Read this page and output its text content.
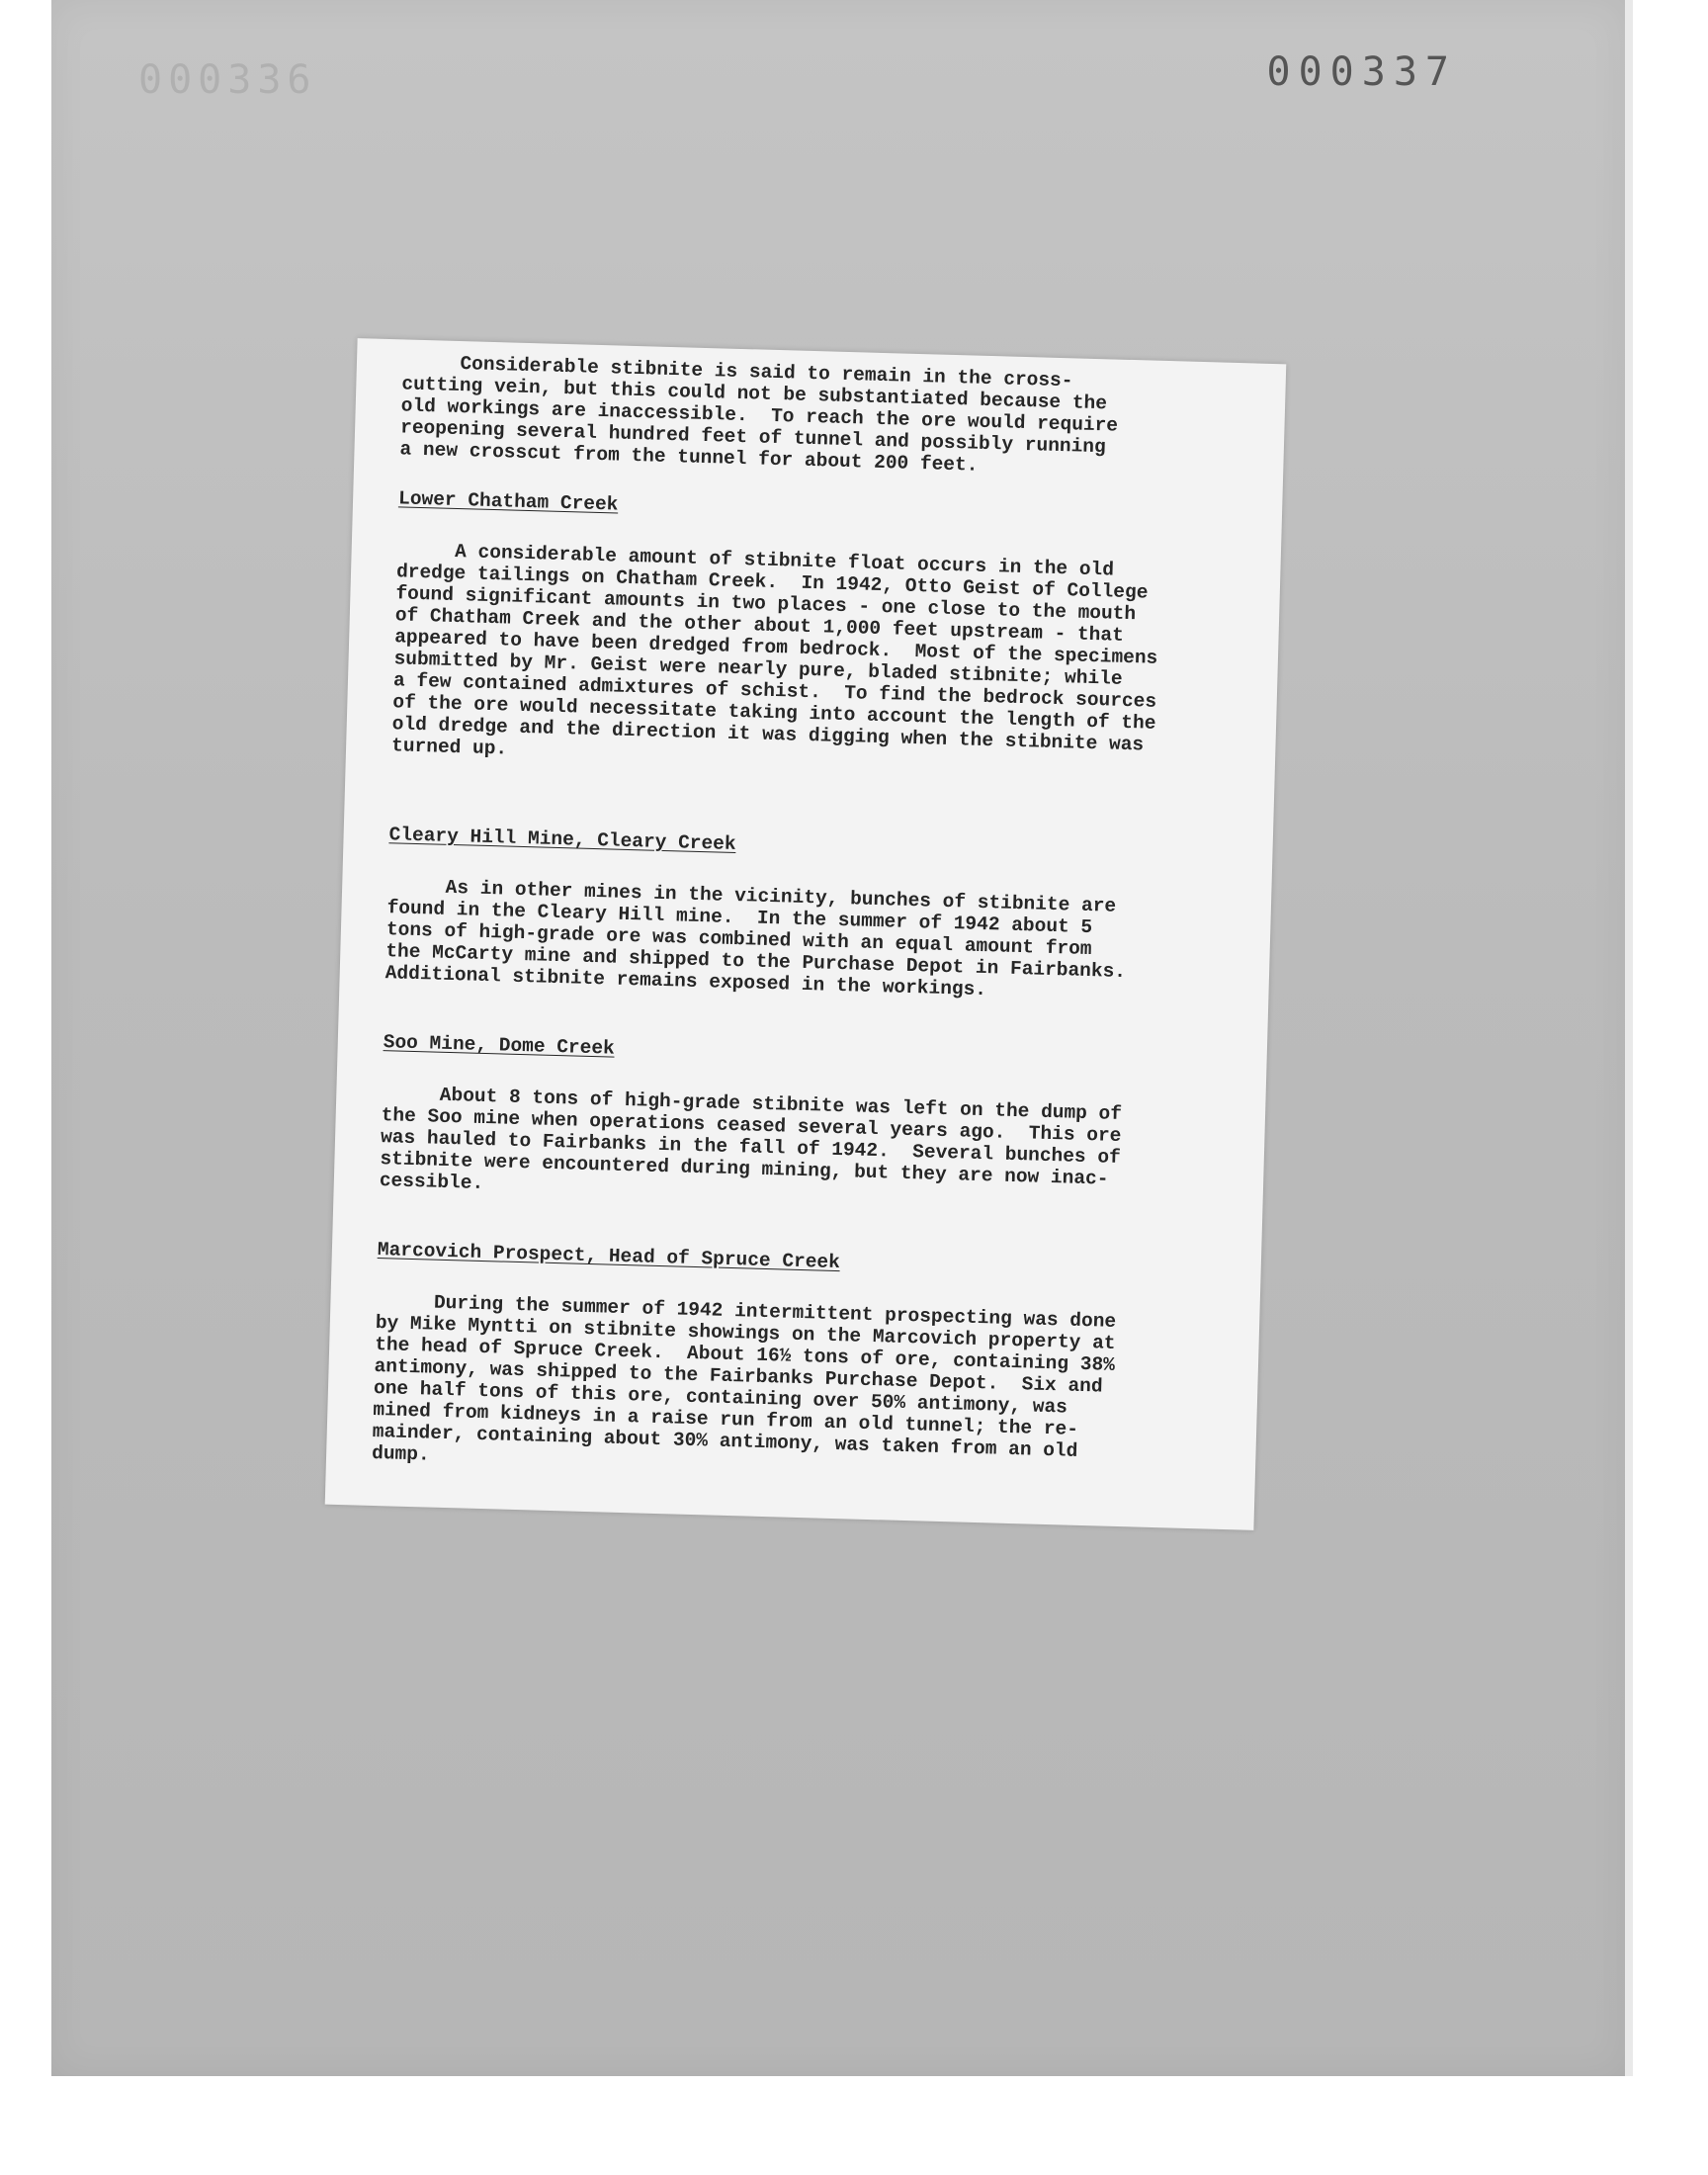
000336	000337

Considerable stibnite is said to remain in the cross-
cutting vein, but this could not be substantiated because the
old workings are inaccessible.  To reach the ore would require
reopening several hundred feet of tunnel and possibly running
a new crosscut from the tunnel for about 200 feet.

Lower Chatham Creek

A considerable amount of stibnite float occurs in the old
dredge tailings on Chatham Creek.  In 1942, Otto Geist of College
found significant amounts in two places - one close to the mouth
of Chatham Creek and the other about 1,000 feet upstream - that
appeared to have been dredged from bedrock.  Most of the specimens
submitted by Mr. Geist were nearly pure, bladed stibnite; while
a few contained admixtures of schist.  To find the bedrock sources
of the ore would necessitate taking into account the length of the
old dredge and the direction it was digging when the stibnite was
turned up.

Cleary Hill Mine, Cleary Creek

As in other mines in the vicinity, bunches of stibnite are
found in the Cleary Hill mine.  In the summer of 1942 about 5
tons of high-grade ore was combined with an equal amount from
the McCarty mine and shipped to the Purchase Depot in Fairbanks.
Additional stibnite remains exposed in the workings.

Soo Mine, Dome Creek

About 8 tons of high-grade stibnite was left on the dump of
the Soo mine when operations ceased several years ago.  This ore
was hauled to Fairbanks in the fall of 1942.  Several bunches of
stibnite were encountered during mining, but they are now inac-
cessible.

Marcovich Prospect, Head of Spruce Creek

During the summer of 1942 intermittent prospecting was done
by Mike Myntti on stibnite showings on the Marcovich property at
the head of Spruce Creek.  About 16½ tons of ore, containing 38%
antimony, was shipped to the Fairbanks Purchase Depot.  Six and
one half tons of this ore, containing over 50% antimony, was
mined from kidneys in a raise run from an old tunnel; the re-
mainder, containing about 30% antimony, was taken from an old
dump.
